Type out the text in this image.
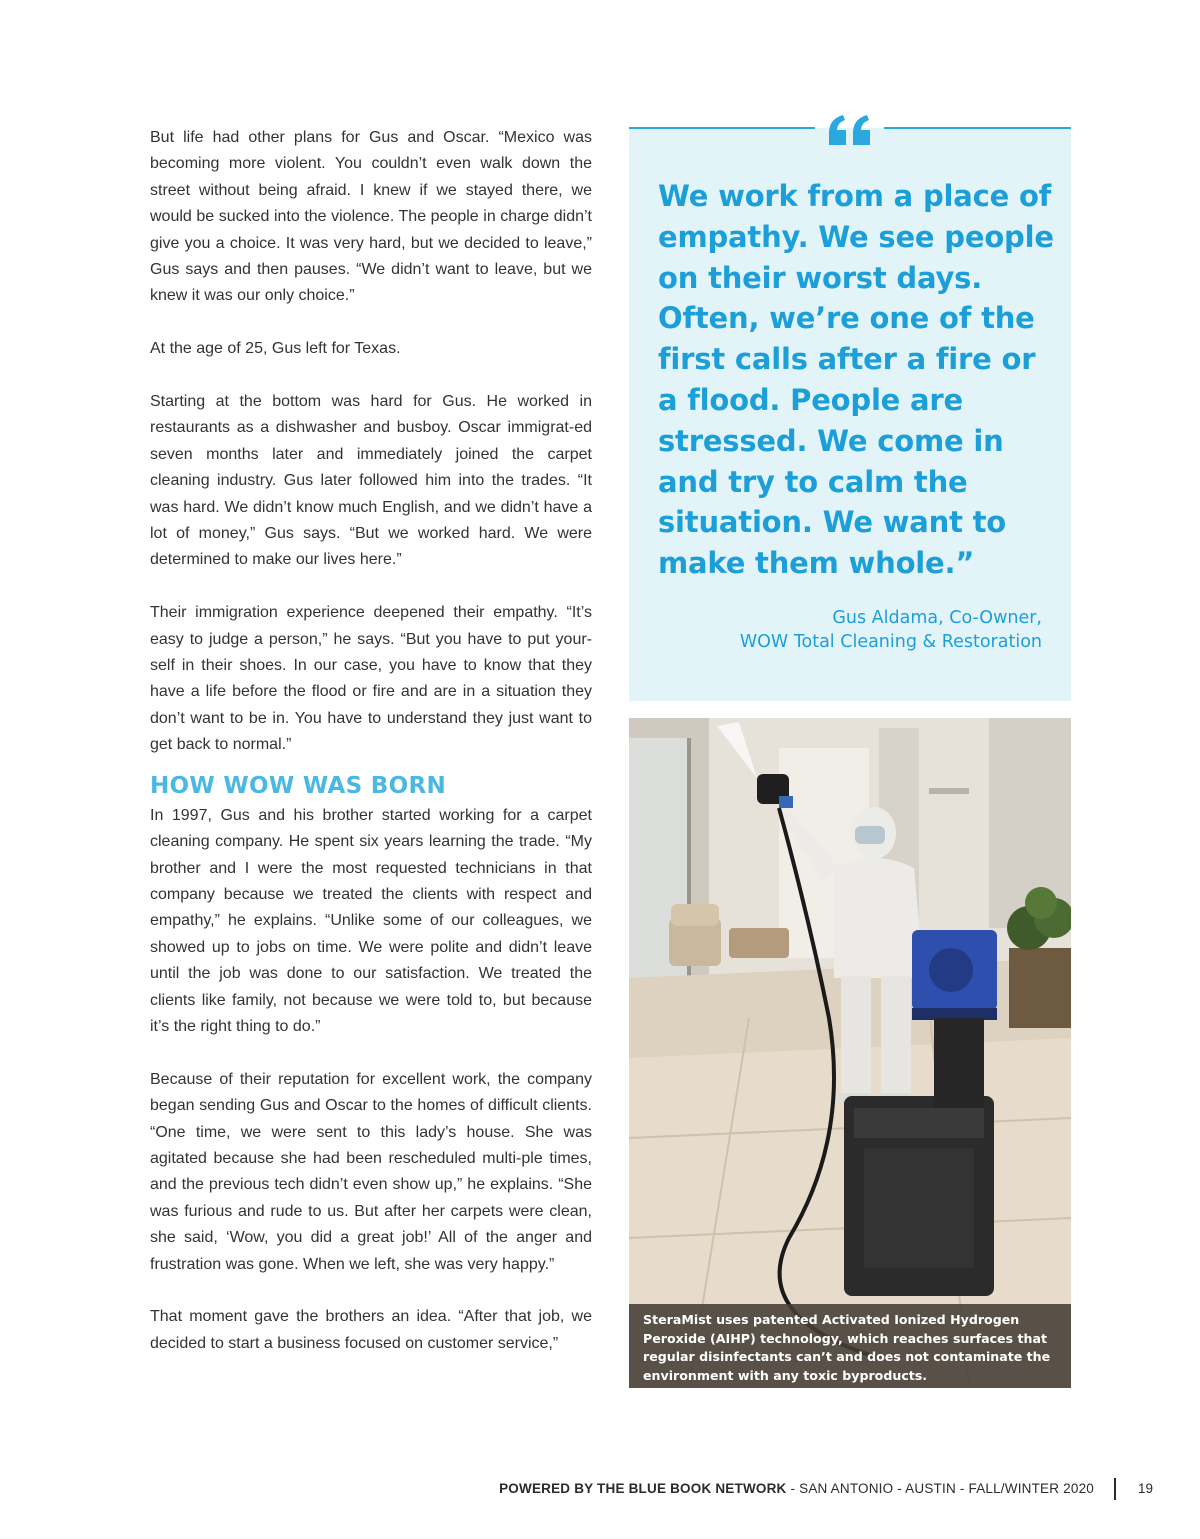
But life had other plans for Gus and Oscar. “Mexico was becoming more violent. You couldn’t even walk down the street without being afraid. I knew if we stayed there, we would be sucked into the violence. The people in charge didn’t give you a choice. It was very hard, but we decided to leave,” Gus says and then pauses. “We didn’t want to leave, but we knew it was our only choice.”

At the age of 25, Gus left for Texas.

Starting at the bottom was hard for Gus. He worked in restaurants as a dishwasher and busboy. Oscar immigrat-ed seven months later and immediately joined the carpet cleaning industry. Gus later followed him into the trades. “It was hard. We didn’t know much English, and we didn’t have a lot of money,” Gus says. “But we worked hard. We were determined to make our lives here.”

Their immigration experience deepened their empathy. “It’s easy to judge a person,” he says. “But you have to put your-self in their shoes. In our case, you have to know that they have a life before the flood or fire and are in a situation they don’t want to be in. You have to understand they just want to get back to normal.”

HOW WOW WAS BORN

In 1997, Gus and his brother started working for a carpet cleaning company. He spent six years learning the trade. “My brother and I were the most requested technicians in that company because we treated the clients with respect and empathy,” he explains. “Unlike some of our colleagues, we showed up to jobs on time. We were polite and didn’t leave until the job was done to our satisfaction. We treated the clients like family, not because we were told to, but because it’s the right thing to do.”

Because of their reputation for excellent work, the company began sending Gus and Oscar to the homes of difficult clients. “One time, we were sent to this lady’s house. She was agitated because she had been rescheduled multi-ple times, and the previous tech didn’t even show up,” he explains. “She was furious and rude to us. But after her carpets were clean, she said, ‘Wow, you did a great job!’ All of the anger and frustration was gone. When we left, she was very happy.”

That moment gave the brothers an idea. “After that job, we decided to start a business focused on customer service,”

We work from a place of empathy. We see people on their worst days. Often, we’re one of the first calls after a fire or a flood. People are stressed. We come in and try to calm the situation. We want to make them whole.”
Gus Aldama, Co-Owner,
WOW Total Cleaning & Restoration
SteraMist uses patented Activated Ionized Hydrogen Peroxide (AIHP) technology, which reaches surfaces that regular disinfectants can’t and does not contaminate the environment with any toxic byproducts.
POWERED BY THE BLUE BOOK NETWORK - SAN ANTONIO - AUSTIN - FALL/WINTER 2020	19
